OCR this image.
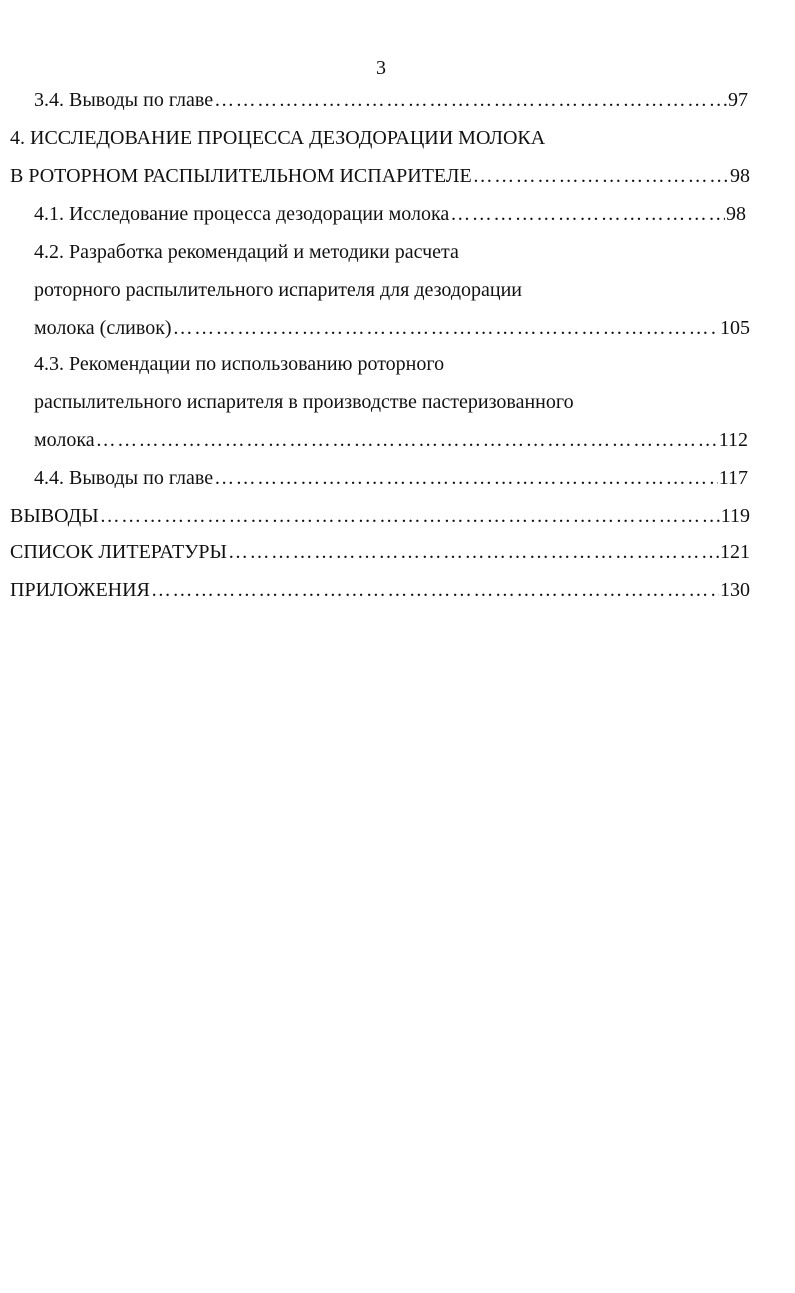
3
3.4. Выводы по главе …………………………………………………………………………………………………………………………………………………	97
4. ИССЛЕДОВАНИЕ ПРОЦЕССА ДЕЗОДОРАЦИИ МОЛОКА
В РОТОРНОМ РАСПЫЛИТЕЛЬНОМ ИСПАРИТЕЛЕ …………………………………………………………………………………………………………………………………………………	98
4.1. Исследование процесса дезодорации молока …………………………………………………………………………………………………………………………………………………	98
4.2. Разработка рекомендаций и методики расчета
роторного распылительного испарителя для дезодорации
молока (сливок) …………………………………………………………………………………………………………………………………………………	105
4.3. Рекомендации по использованию роторного
распылительного испарителя в производстве пастеризованного
молока …………………………………………………………………………………………………………………………………………………	112
4.4. Выводы по главе …………………………………………………………………………………………………………………………………………………	117
ВЫВОДЫ …………………………………………………………………………………………………………………………………………………	119
СПИСОК ЛИТЕРАТУРЫ …………………………………………………………………………………………………………………………………………………	121
ПРИЛОЖЕНИЯ …………………………………………………………………………………………………………………………………………………	130
